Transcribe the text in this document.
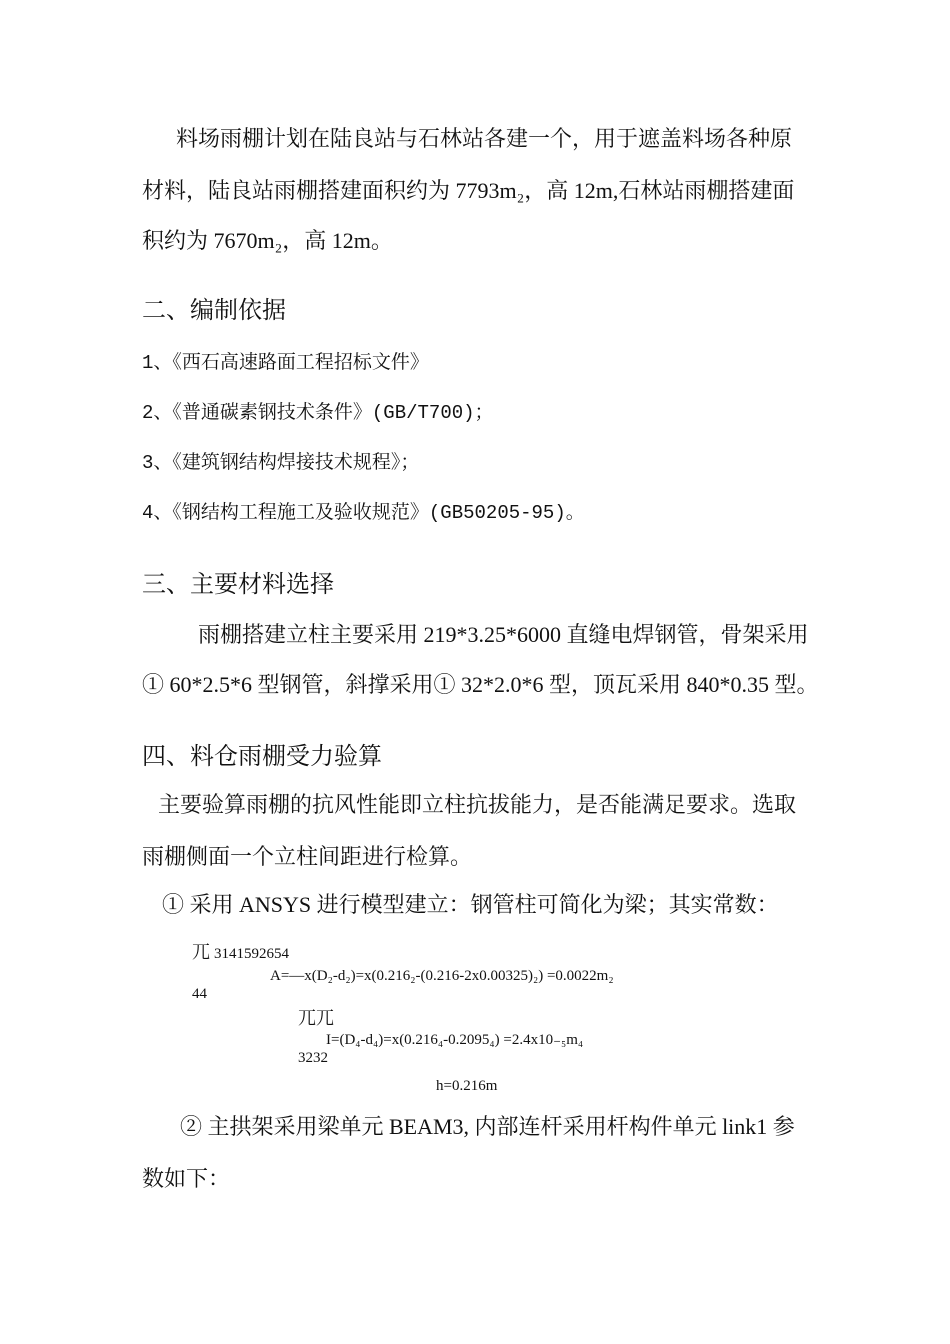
料场雨棚计划在陆良站与石林站各建一个，用于遮盖料场各种原
材料，陆良站雨棚搭建面积约为 7793m₂，高 12m,石林站雨棚搭建面
积约为 7670m₂，高 12m。
二、编制依据
1、《西石高速路面工程招标文件》
2、《普通碳素钢技术条件》(GB/T700)；
3、《建筑钢结构焊接技术规程》；
4、《钢结构工程施工及验收规范》(GB50205-95)。
三、主要材料选择
雨棚搭建立柱主要采用 219*3.25*6000 直缝电焊钢管，骨架采用
① 60*2.5*6 型钢管，斜撑采用① 32*2.0*6 型，顶瓦采用 840*0.35 型。
四、料仓雨棚受力验算
主要验算雨棚的抗风性能即立柱抗拔能力，是否能满足要求。选取
雨棚侧面一个立柱间距进行检算。
① 采用 ANSYS 进行模型建立：钢管柱可简化为梁；其实常数：
兀 3141592654
A=—x(D₂-d₂)=x(0.216₂-(0.216-2x0.00325)₂) =0.0022m₂
44
兀兀
I=(D₄-d₄)=x(0.216₄-0.2095₄) =2.4x10₋₅m₄
3232
h=0.216m
② 主拱架采用梁单元 BEAM3, 内部连杆采用杆构件单元 link1 参
数如下：
